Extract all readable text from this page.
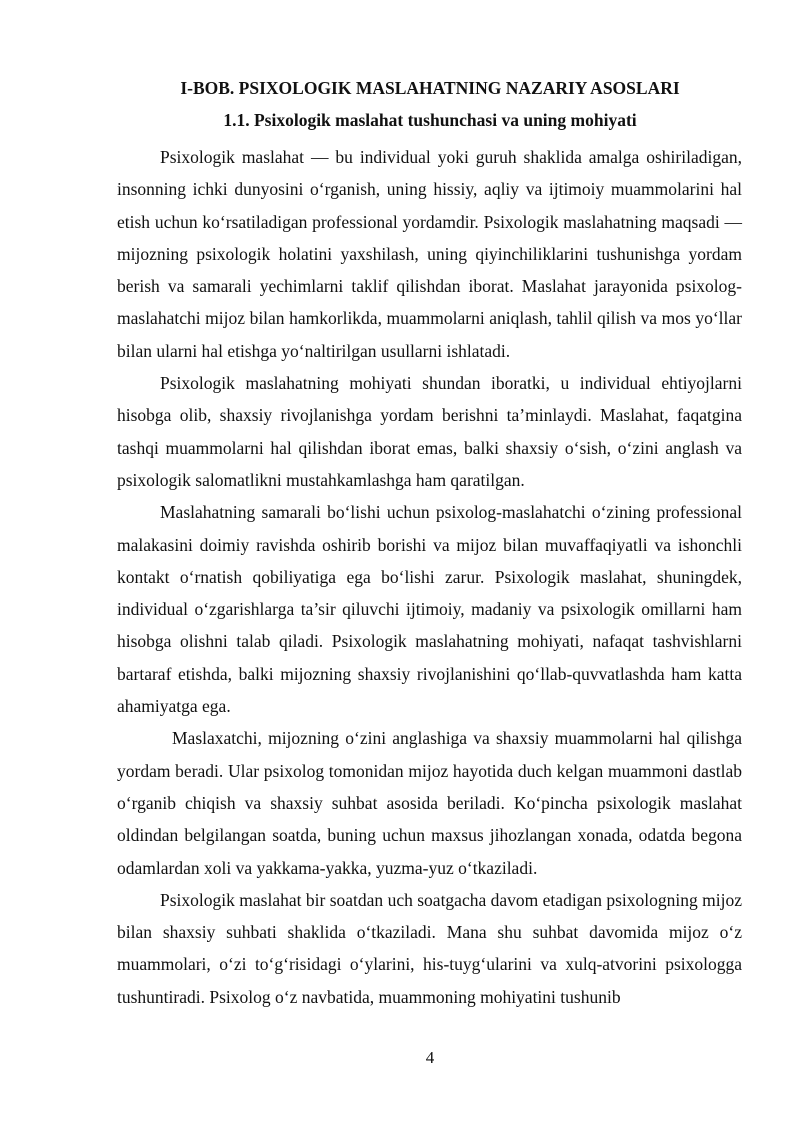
I-BOB. PSIXOLOGIK MASLAHATNING NAZARIY ASOSLARI
1.1. Psixologik maslahat tushunchasi va uning mohiyati

Psixologik maslahat — bu individual yoki guruh shaklida amalga oshiriladigan, insonning ichki dunyosini o‘rganish, uning hissiy, aqliy va ijtimoiy muammolarini hal etish uchun ko‘rsatiladigan professional yordamdir. Psixologik maslahatning maqsadi — mijozning psixologik holatini yaxshilash, uning qiyinchiliklarini tushunishga yordam berish va samarali yechimlarni taklif qilishdan iborat. Maslahat jarayonida psixolog-maslahatchi mijoz bilan hamkorlikda, muammolarni aniqlash, tahlil qilish va mos yo‘llar bilan ularni hal etishga yo‘naltirilgan usullarni ishlatadi.

Psixologik maslahatning mohiyati shundan iboratki, u individual ehtiyojlarni hisobga olib, shaxsiy rivojlanishga yordam berishni ta’minlaydi. Maslahat, faqatgina tashqi muammolarni hal qilishdan iborat emas, balki shaxsiy o‘sish, o‘zini anglash va psixologik salomatlikni mustahkamlashga ham qaratilgan.

Maslahatning samarali bo‘lishi uchun psixolog-maslahatchi o‘zining professional malakasini doimiy ravishda oshirib borishi va mijoz bilan muvaffaqiyatli va ishonchli kontakt o‘rnatish qobiliyatiga ega bo‘lishi zarur. Psixologik maslahat, shuningdek, individual o‘zgarishlarga ta’sir qiluvchi ijtimoiy, madaniy va psixologik omillarni ham hisobga olishni talab qiladi. Psixologik maslahatning mohiyati, nafaqat tashvishlarni bartaraf etishda, balki mijozning shaxsiy rivojlanishini qo‘llab-quvvatlashda ham katta ahamiyatga ega.

Maslaxatchi, mijozning o‘zini anglashiga va shaxsiy muammolarni hal qilishga yordam beradi. Ular psixolog tomonidan mijoz hayotida duch kelgan muammoni dastlab o‘rganib chiqish va shaxsiy suhbat asosida beriladi. Ko‘pincha psixologik maslahat oldindan belgilangan soatda, buning uchun maxsus jihozlangan xonada, odatda begona odamlardan xoli va yakkama-yakka, yuzma-yuz o‘tkaziladi.

Psixologik maslahat bir soatdan uch soatgacha davom etadigan psixologning mijoz bilan shaxsiy suhbati shaklida o‘tkaziladi. Mana shu suhbat davomida mijoz o‘z muammolari, o‘zi to‘g‘risidagi o‘ylarini, his-tuyg‘ularini va xulq-atvorini psixologga tushuntiradi. Psixolog o‘z navbatida, muammoning mohiyatini tushunib

4
